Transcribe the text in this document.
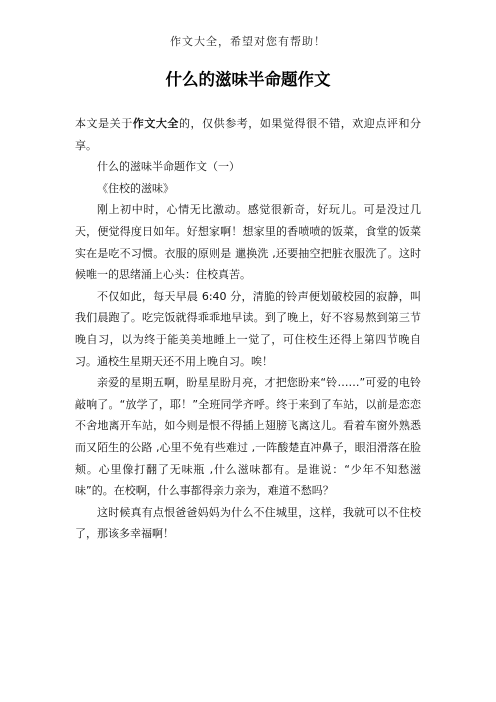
作文大全，希望对您有帮助！
什么的滋味半命题作文

本文是关于作文大全的，仅供参考，如果觉得很不错，欢迎点评和分享。

什么的滋味半命题作文（一）

《住校的滋味》

刚上初中时，心情无比激动。感觉很新奇，好玩儿。可是没过几天，便觉得度日如年。好想家啊！想家里的香喷喷的饭菜，食堂的饭菜实在是吃不习惯。衣服的原则是 邋换洗 ,还要抽空把脏衣服洗了。这时候唯一的思绪涌上心头：住校真苦。

不仅如此，每天早晨 6:40 分，清脆的铃声便划破校园的寂静，叫我们晨跑了。吃完饭就得乖乖地早读。到了晚上，好不容易熬到第三节晚自习，以为终于能美美地睡上一觉了，可住校生还得上第四节晚自习。通校生星期天还不用上晚自习。唉！

亲爱的星期五啊，盼星星盼月亮，才把您盼来“铃……”可爱的电铃敲响了。“放学了，耶！”全班同学齐呼。终于来到了车站，以前是恋恋不舍地离开车站，如今则是恨不得插上翅膀飞离这儿。看着车窗外熟悉而又陌生的公路 ,心里不免有些难过 ,一阵酸楚直冲鼻子，眼泪滑落在脸颊。心里像打翻了无味瓶 ,什么滋味都有。是谁说：“少年不知愁滋味”的。在校啊，什么事都得亲力亲为，难道不愁吗？

这时候真有点恨爸爸妈妈为什么不住城里，这样，我就可以不住校了，那该多幸福啊！
